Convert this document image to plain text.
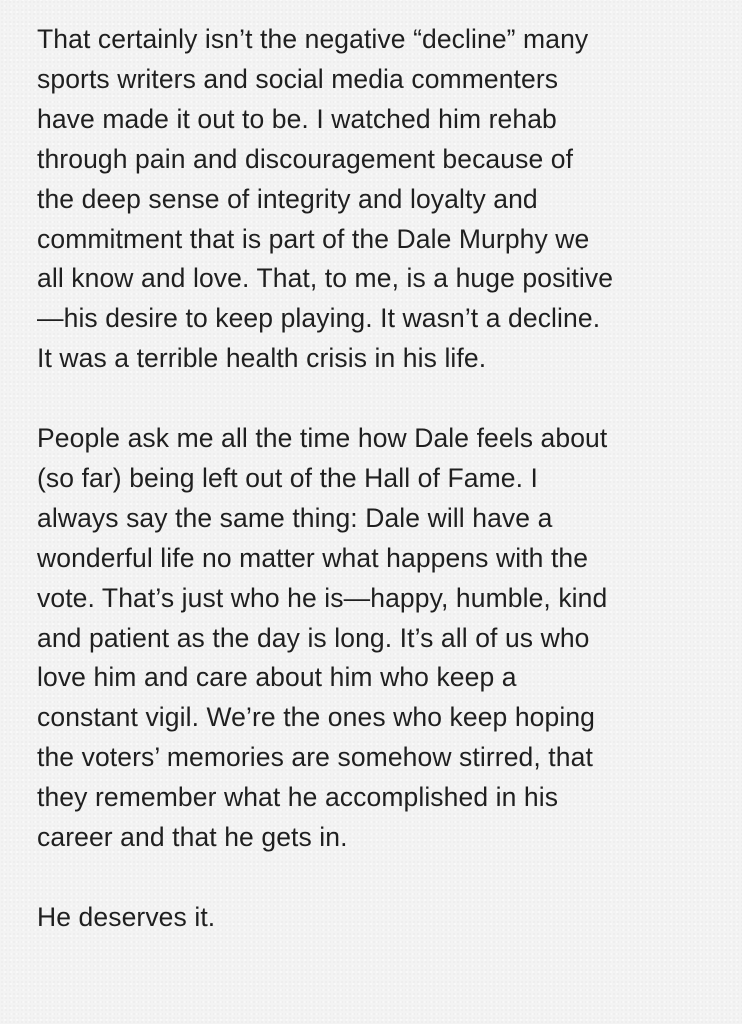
That certainly isn’t the negative “decline” many

sports writers and social media commenters

have made it out to be. I watched him rehab

through pain and discouragement because of

the deep sense of integrity and loyalty and

commitment that is part of the Dale Murphy we

all know and love. That, to me, is a huge positive

—his desire to keep playing. It wasn’t a decline.

It was a terrible health crisis in his life.

People ask me all the time how Dale feels about

(so far) being left out of the Hall of Fame. I

always say the same thing: Dale will have a

wonderful life no matter what happens with the

vote. That’s just who he is—happy, humble, kind

and patient as the day is long. It’s all of us who

love him and care about him who keep a

constant vigil. We’re the ones who keep hoping

the voters’ memories are somehow stirred, that

they remember what he accomplished in his

career and that he gets in.

He deserves it.
